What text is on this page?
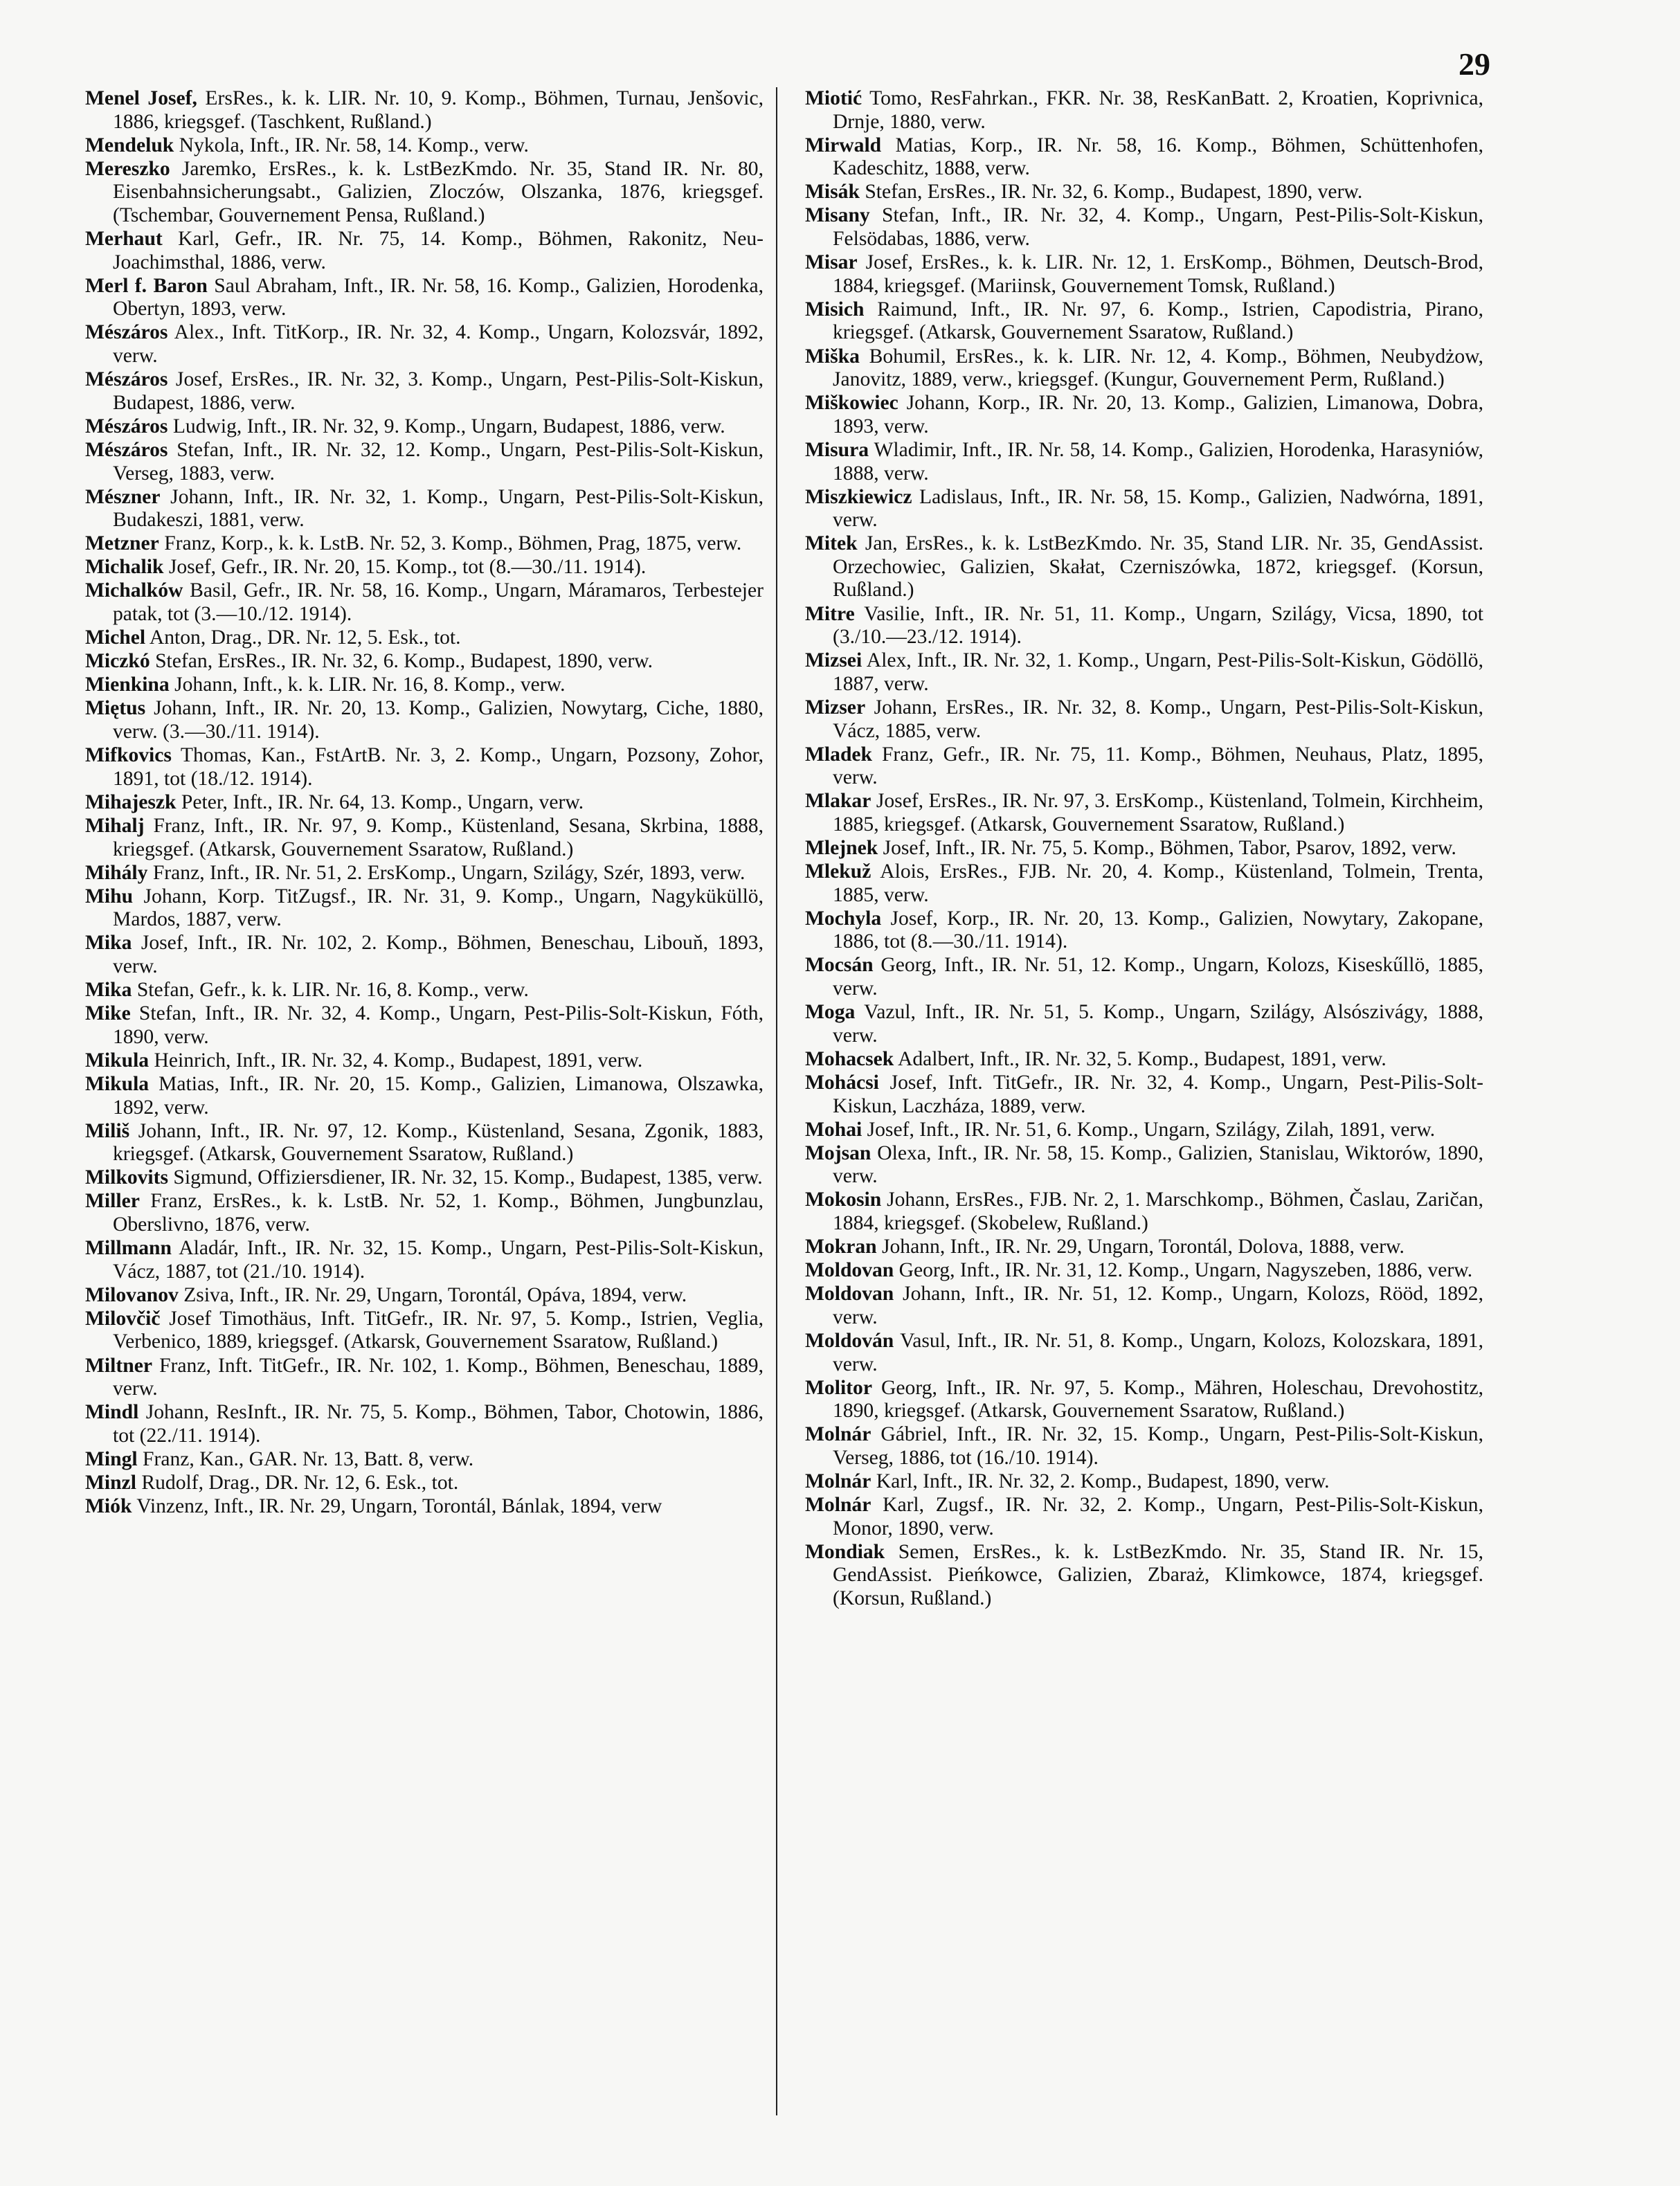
29
Menel Josef, ErsRes., k. k. LIR. Nr. 10, 9. Komp., Böhmen, Turnau, Jenšovic, 1886, kriegsgef. (Taschkent, Rußland.)
Mendeluk Nykola, Inft., IR. Nr. 58, 14. Komp., verw.
Mereszko Jaremko, ErsRes., k. k. LstBezKmdo. Nr. 35, Stand IR. Nr. 80, Eisenbahnsicherungsabt., Galizien, Zloczów, Olszanka, 1876, kriegsgef. (Tschembar, Gouvernement Pensa, Rußland.)
Merhaut Karl, Gefr., IR. Nr. 75, 14. Komp., Böhmen, Rakonitz, Neu-Joachimsthal, 1886, verw.
Merl f. Baron Saul Abraham, Inft., IR. Nr. 58, 16. Komp., Galizien, Horodenka, Obertyn, 1893, verw.
Mészáros Alex., Inft. TitKorp., IR. Nr. 32, 4. Komp., Ungarn, Kolozsvár, 1892, verw.
Mészáros Josef, ErsRes., IR. Nr. 32, 3. Komp., Ungarn, Pest-Pilis-Solt-Kiskun, Budapest, 1886, verw.
Mészáros Ludwig, Inft., IR. Nr. 32, 9. Komp., Ungarn, Budapest, 1886, verw.
Mészáros Stefan, Inft., IR. Nr. 32, 12. Komp., Ungarn, Pest-Pilis-Solt-Kiskun, Verseg, 1883, verw.
Mészner Johann, Inft., IR. Nr. 32, 1. Komp., Ungarn, Pest-Pilis-Solt-Kiskun, Budakeszi, 1881, verw.
Metzner Franz, Korp., k. k. LstB. Nr. 52, 3. Komp., Böhmen, Prag, 1875, verw.
Michalik Josef, Gefr., IR. Nr. 20, 15. Komp., tot (8.—30./11. 1914).
Michalków Basil, Gefr., IR. Nr. 58, 16. Komp., Ungarn, Máramaros, Terbestejer patak, tot (3.—10./12. 1914).
Michel Anton, Drag., DR. Nr. 12, 5. Esk., tot.
Miczkó Stefan, ErsRes., IR. Nr. 32, 6. Komp., Budapest, 1890, verw.
Mienkina Johann, Inft., k. k. LIR. Nr. 16, 8. Komp., verw.
Miętus Johann, Inft., IR. Nr. 20, 13. Komp., Galizien, Nowytarg, Ciche, 1880, verw. (3.—30./11. 1914).
Mifkovics Thomas, Kan., FstArtB. Nr. 3, 2. Komp., Ungarn, Pozsony, Zohor, 1891, tot (18./12. 1914).
Mihajeszk Peter, Inft., IR. Nr. 64, 13. Komp., Ungarn, verw.
Mihalj Franz, Inft., IR. Nr. 97, 9. Komp., Küstenland, Sesana, Skrbina, 1888, kriegsgef. (Atkarsk, Gouvernement Ssaratow, Rußland.)
Mihály Franz, Inft., IR. Nr. 51, 2. ErsKomp., Ungarn, Szilágy, Szér, 1893, verw.
Mihu Johann, Korp. TitZugsf., IR. Nr. 31, 9. Komp., Ungarn, Nagyküküllö, Mardos, 1887, verw.
Mika Josef, Inft., IR. Nr. 102, 2. Komp., Böhmen, Beneschau, Libouň, 1893, verw.
Mika Stefan, Gefr., k. k. LIR. Nr. 16, 8. Komp., verw.
Mike Stefan, Inft., IR. Nr. 32, 4. Komp., Ungarn, Pest-Pilis-Solt-Kiskun, Fóth, 1890, verw.
Mikula Heinrich, Inft., IR. Nr. 32, 4. Komp., Budapest, 1891, verw.
Mikula Matias, Inft., IR. Nr. 20, 15. Komp., Galizien, Limanowa, Olszawka, 1892, verw.
Miliš Johann, Inft., IR. Nr. 97, 12. Komp., Küstenland, Sesana, Zgonik, 1883, kriegsgef. (Atkarsk, Gouvernement Ssaratow, Rußland.)
Milkovits Sigmund, Offiziersdiener, IR. Nr. 32, 15. Komp., Budapest, 1385, verw.
Miller Franz, ErsRes., k. k. LstB. Nr. 52, 1. Komp., Böhmen, Jungbunzlau, Oberslivno, 1876, verw.
Millmann Aladár, Inft., IR. Nr. 32, 15. Komp., Ungarn, Pest-Pilis-Solt-Kiskun, Vácz, 1887, tot (21./10. 1914).
Milovanov Zsiva, Inft., IR. Nr. 29, Ungarn, Torontál, Opáva, 1894, verw.
Milovčič Josef Timothäus, Inft. TitGefr., IR. Nr. 97, 5. Komp., Istrien, Veglia, Verbenico, 1889, kriegsgef. (Atkarsk, Gouvernement Ssaratow, Rußland.)
Miltner Franz, Inft. TitGefr., IR. Nr. 102, 1. Komp., Böhmen, Beneschau, 1889, verw.
Mindl Johann, ResInft., IR. Nr. 75, 5. Komp., Böhmen, Tabor, Chotowin, 1886, tot (22./11. 1914).
Mingl Franz, Kan., GAR. Nr. 13, Batt. 8, verw.
Minzl Rudolf, Drag., DR. Nr. 12, 6. Esk., tot.
Miók Vinzenz, Inft., IR. Nr. 29, Ungarn, Torontál, Bánlak, 1894, verw
Miotić Tomo, ResFahrkan., FKR. Nr. 38, ResKanBatt. 2, Kroatien, Koprivnica, Drnje, 1880, verw.
Mirwald Matias, Korp., IR. Nr. 58, 16. Komp., Böhmen, Schüttenhofen, Kadeschitz, 1888, verw.
Misák Stefan, ErsRes., IR. Nr. 32, 6. Komp., Budapest, 1890, verw.
Misany Stefan, Inft., IR. Nr. 32, 4. Komp., Ungarn, Pest-Pilis-Solt-Kiskun, Felsödabas, 1886, verw.
Misar Josef, ErsRes., k. k. LIR. Nr. 12, 1. ErsKomp., Böhmen, Deutsch-Brod, 1884, kriegsgef. (Mariinsk, Gouvernement Tomsk, Rußland.)
Misich Raimund, Inft., IR. Nr. 97, 6. Komp., Istrien, Capodistria, Pirano, kriegsgef. (Atkarsk, Gouvernement Ssaratow, Rußland.)
Miška Bohumil, ErsRes., k. k. LIR. Nr. 12, 4. Komp., Böhmen, Neubydżow, Janovitz, 1889, verw., kriegsgef. (Kungur, Gouvernement Perm, Rußland.)
Miškowiec Johann, Korp., IR. Nr. 20, 13. Komp., Galizien, Limanowa, Dobra, 1893, verw.
Misura Wladimir, Inft., IR. Nr. 58, 14. Komp., Galizien, Horodenka, Harasyniów, 1888, verw.
Miszkiewicz Ladislaus, Inft., IR. Nr. 58, 15. Komp., Galizien, Nadwórna, 1891, verw.
Mitek Jan, ErsRes., k. k. LstBezKmdo. Nr. 35, Stand LIR. Nr. 35, GendAssist. Orzechowiec, Galizien, Skałat, Czerniszówka, 1872, kriegsgef. (Korsun, Rußland.)
Mitre Vasilie, Inft., IR. Nr. 51, 11. Komp., Ungarn, Szilágy, Vicsa, 1890, tot (3./10.—23./12. 1914).
Mizsei Alex, Inft., IR. Nr. 32, 1. Komp., Ungarn, Pest-Pilis-Solt-Kiskun, Gödöllö, 1887, verw.
Mizser Johann, ErsRes., IR. Nr. 32, 8. Komp., Ungarn, Pest-Pilis-Solt-Kiskun, Vácz, 1885, verw.
Mladek Franz, Gefr., IR. Nr. 75, 11. Komp., Böhmen, Neuhaus, Platz, 1895, verw.
Mlakar Josef, ErsRes., IR. Nr. 97, 3. ErsKomp., Küstenland, Tolmein, Kirchheim, 1885, kriegsgef. (Atkarsk, Gouvernement Ssaratow, Rußland.)
Mlejnek Josef, Inft., IR. Nr. 75, 5. Komp., Böhmen, Tabor, Psarov, 1892, verw.
Mlekuž Alois, ErsRes., FJB. Nr. 20, 4. Komp., Küstenland, Tolmein, Trenta, 1885, verw.
Mochyla Josef, Korp., IR. Nr. 20, 13. Komp., Galizien, Nowytary, Zakopane, 1886, tot (8.—30./11. 1914).
Mocsán Georg, Inft., IR. Nr. 51, 12. Komp., Ungarn, Kolozs, Kiseskűllö, 1885, verw.
Moga Vazul, Inft., IR. Nr. 51, 5. Komp., Ungarn, Szilágy, Alsószivágy, 1888, verw.
Mohacsek Adalbert, Inft., IR. Nr. 32, 5. Komp., Budapest, 1891, verw.
Mohácsi Josef, Inft. TitGefr., IR. Nr. 32, 4. Komp., Ungarn, Pest-Pilis-Solt-Kiskun, Laczháza, 1889, verw.
Mohai Josef, Inft., IR. Nr. 51, 6. Komp., Ungarn, Szilágy, Zilah, 1891, verw.
Mojsan Olexa, Inft., IR. Nr. 58, 15. Komp., Galizien, Stanislau, Wiktorów, 1890, verw.
Mokosin Johann, ErsRes., FJB. Nr. 2, 1. Marschkomp., Böhmen, Časlau, Zaričan, 1884, kriegsgef. (Skobelew, Rußland.)
Mokran Johann, Inft., IR. Nr. 29, Ungarn, Torontál, Dolova, 1888, verw.
Moldovan Georg, Inft., IR. Nr. 31, 12. Komp., Ungarn, Nagyszeben, 1886, verw.
Moldovan Johann, Inft., IR. Nr. 51, 12. Komp., Ungarn, Kolozs, Rööd, 1892, verw.
Moldován Vasul, Inft., IR. Nr. 51, 8. Komp., Ungarn, Kolozs, Kolozskara, 1891, verw.
Molitor Georg, Inft., IR. Nr. 97, 5. Komp., Mähren, Holeschau, Drevohostitz, 1890, kriegsgef. (Atkarsk, Gouvernement Ssaratow, Rußland.)
Molnár Gábriel, Inft., IR. Nr. 32, 15. Komp., Ungarn, Pest-Pilis-Solt-Kiskun, Verseg, 1886, tot (16./10. 1914).
Molnár Karl, Inft., IR. Nr. 32, 2. Komp., Budapest, 1890, verw.
Molnár Karl, Zugsf., IR. Nr. 32, 2. Komp., Ungarn, Pest-Pilis-Solt-Kiskun, Monor, 1890, verw.
Mondiak Semen, ErsRes., k. k. LstBezKmdo. Nr. 35, Stand IR. Nr. 15, GendAssist. Pieńkowce, Galizien, Zbaraż, Klimkowce, 1874, kriegsgef. (Korsun, Rußland.)
